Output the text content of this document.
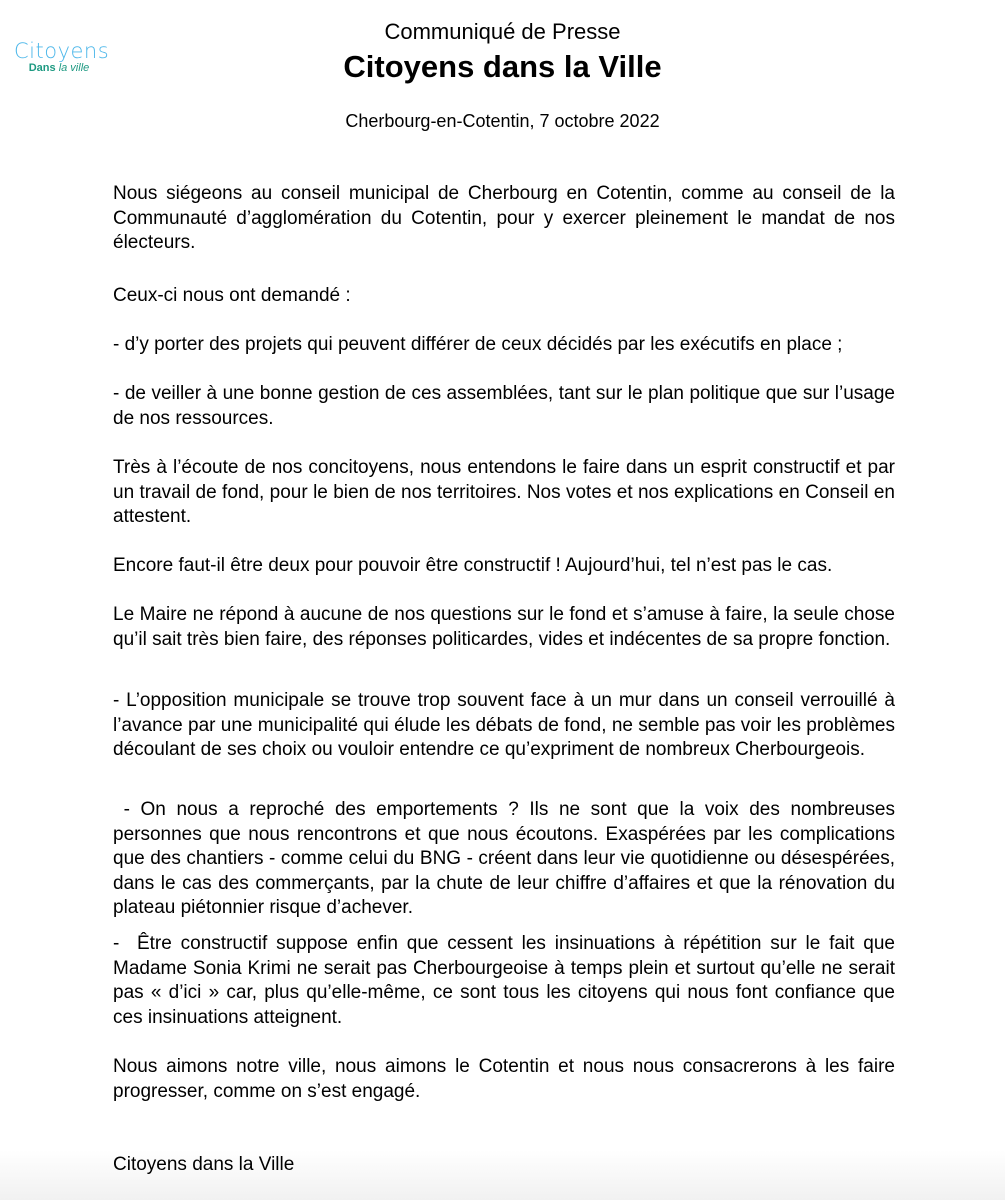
Citoyens
Dans la ville
Communiqué de Presse
Citoyens dans la Ville
Cherbourg-en-Cotentin, 7 octobre 2022

Nous siégeons au conseil municipal de Cherbourg en Cotentin, comme au conseil de la Communauté d’agglomération du Cotentin, pour y exercer pleinement le mandat de nos électeurs.

Ceux-ci nous ont demandé :

- d’y porter des projets qui peuvent différer de ceux décidés par les exécutifs en place ;

- de veiller à une bonne gestion de ces assemblées, tant sur le plan politique que sur l’usage de nos ressources.

Très à l’écoute de nos concitoyens, nous entendons le faire dans un esprit constructif et par un travail de fond, pour le bien de nos territoires. Nos votes et nos explications en Conseil en attestent.

Encore faut-il être deux pour pouvoir être constructif ! Aujourd’hui, tel n’est pas le cas.

Le Maire ne répond à aucune de nos questions sur le fond et s’amuse à faire, la seule chose qu’il sait très bien faire, des réponses politicardes, vides et indécentes de sa propre fonction.

- L’opposition municipale se trouve trop souvent face à un mur dans un conseil verrouillé à l’avance par une municipalité qui élude les débats de fond, ne semble pas voir les problèmes découlant de ses choix ou vouloir entendre ce qu’expriment de nombreux Cherbourgeois.

- On nous a reproché des emportements ? Ils ne sont que la voix des nombreuses personnes que nous rencontrons et que nous écoutons. Exaspérées par les complications que des chantiers - comme celui du BNG - créent dans leur vie quotidienne ou désespérées, dans le cas des commerçants, par la chute de leur chiffre d’affaires et que la rénovation du plateau piétonnier risque d’achever.

-  Être constructif suppose enfin que cessent les insinuations à répétition sur le fait que Madame Sonia Krimi ne serait pas Cherbourgeoise à temps plein et surtout qu’elle ne serait pas « d’ici » car, plus qu’elle-même, ce sont tous les citoyens qui nous font confiance que ces insinuations atteignent.

Nous aimons notre ville, nous aimons le Cotentin et nous nous consacrerons à les faire progresser, comme on s’est engagé.

Citoyens dans la Ville
